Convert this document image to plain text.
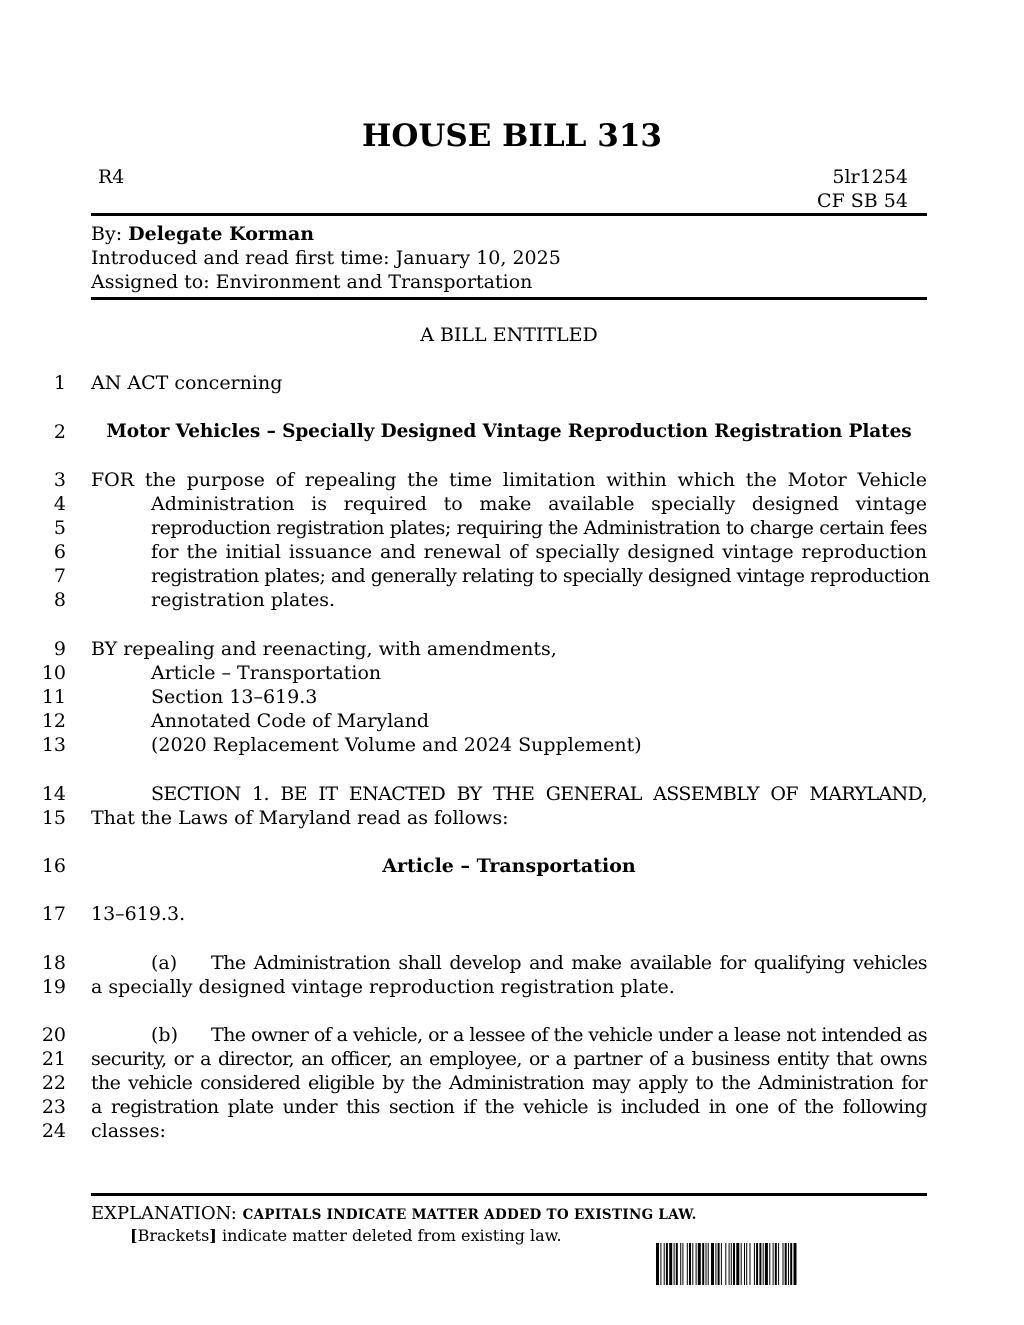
HOUSE BILL 313
R4	5lr1254
CF SB 54
By: Delegate Korman
Introduced and read first time: January 10, 2025
Assigned to: Environment and Transportation
A BILL ENTITLED
1
2
3
4
5
6
7
8
9
10
11
12
13
14
15
16
17
18
19
20
21
22
23
24
AN ACT concerning
Motor Vehicles – Specially Designed Vintage Reproduction Registration Plates
FOR the purpose of repealing the time limitation within which the Motor Vehicle
Administration is required to make available specially designed vintage
reproduction registration plates; requiring the Administration to charge certain fees
for the initial issuance and renewal of specially designed vintage reproduction
registration plates; and generally relating to specially designed vintage reproduction
registration plates.
BY repealing and reenacting, with amendments,
Article – Transportation
Section 13–619.3
Annotated Code of Maryland
(2020 Replacement Volume and 2024 Supplement)
SECTION 1. BE IT ENACTED BY THE GENERAL ASSEMBLY OF MARYLAND,
That the Laws of Maryland read as follows:
Article – Transportation
13–619.3.
(a) The Administration shall develop and make available for qualifying vehicles
a specially designed vintage reproduction registration plate.
(b) The owner of a vehicle, or a lessee of the vehicle under a lease not intended as
security, or a director, an officer, an employee, or a partner of a business entity that owns
the vehicle considered eligible by the Administration may apply to the Administration for
a registration plate under this section if the vehicle is included in one of the following
classes:
EXPLANATION: CAPITALS INDICATE MATTER ADDED TO EXISTING LAW.
[Brackets] indicate matter deleted from existing law.
